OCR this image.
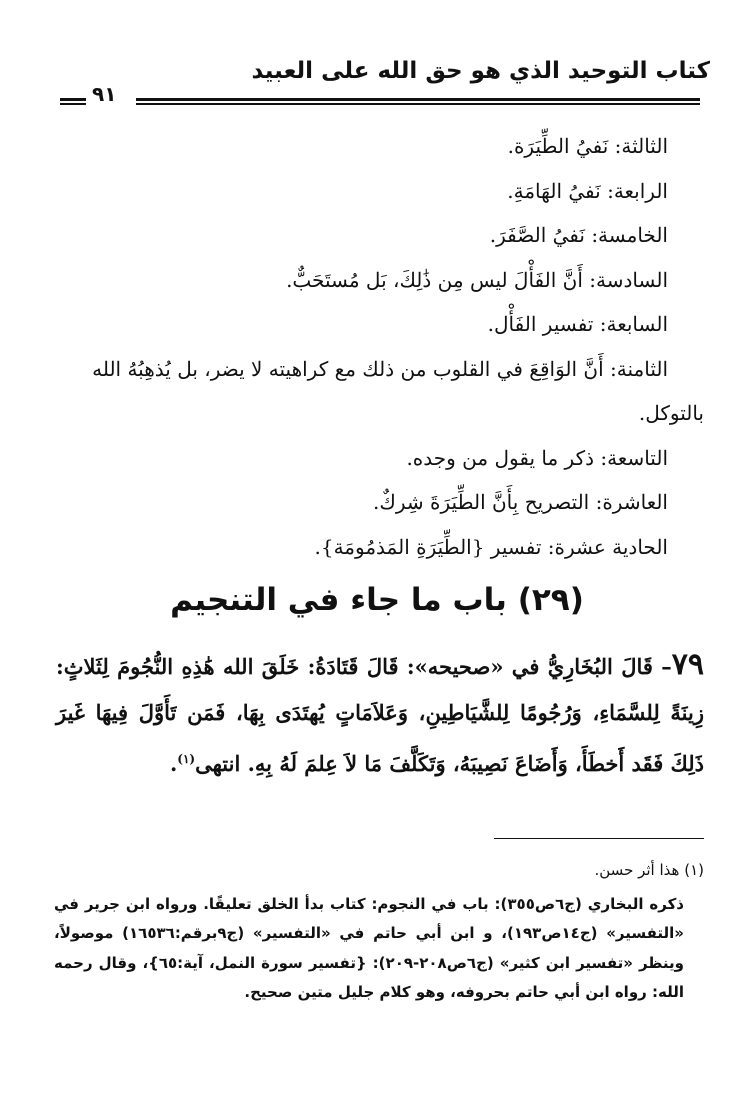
كتاب التوحيد الذي هو حق الله على العبيد
٩١

الثالثة: نَفيُ الطِّيَرَة.

الرابعة: نَفيُ الهَامَةِ.

الخامسة: نَفيُ الصَّفَرَ.

السادسة: أَنَّ الفَأْلَ ليس مِن ذَٰلِكَ، بَل مُستَحَبٌّ.

السابعة: تفسير الفَأْل.

الثامنة: أَنَّ الوَاقِعَ في القلوب من ذلك مع كراهيته لا يضر، بل يُذهِبُهُ الله

بالتوكل.

التاسعة: ذكر ما يقول من وجده.

العاشرة: التصريح بِأَنَّ الطِّيَرَةَ شِركٌ.

الحادية عشرة: تفسير {الطِّيَرَةِ المَذمُومَة}.

(٢٩) باب ما جاء في التنجيم
٧٩– قَالَ البُخَارِيُّ في «صحيحه»: قَالَ قَتَادَةُ: خَلَقَ الله هَٰذِهِ النُّجُومَ لِثَلاثٍ: زِينَةً لِلسَّمَاءِ، وَرُجُومًا لِلشَّيَاطِينِ، وَعَلاَمَاتٍ يُهتَدَى بِهَا، فَمَن تَأَوَّلَ فِيهَا غَيرَ ذَلِكَ فَقَد أَخطَأَ، وَأَضَاعَ نَصِيبَهُ، وَتَكَلَّفَ مَا لاَ عِلمَ لَهُ بِهِ. انتهى$^{(١)}$.

(١) هذا أثر حسن.

ذكره البخاري (ج٦ص٣٥٥): باب في النجوم: كتاب بدأ الخلق تعليقًا. ورواه ابن جرير في «التفسير» (ج١٤ص١٩٣)، و ابن أبي حاتم في «التفسير» (ج٩برقم:١٦٥٣٦) موصولاً، وينظر «تفسير ابن كثير» (ج٦ص٢٠٨-٢٠٩): {تفسير سورة النمل، آية:٦٥}، وقال رحمه الله: رواه ابن أبي حاتم بحروفه، وهو كلام جليل متين صحيح.
